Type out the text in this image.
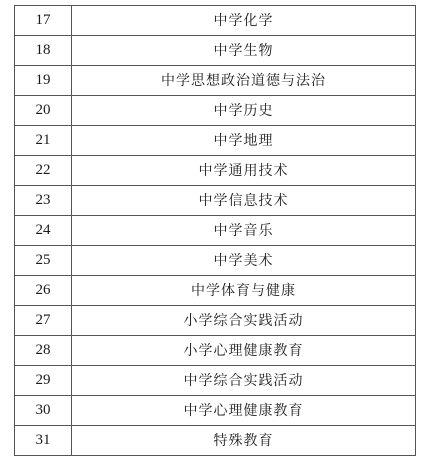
17	中学化学
18	中学生物
19	中学思想政治道德与法治
20	中学历史
21	中学地理
22	中学通用技术
23	中学信息技术
24	中学音乐
25	中学美术
26	中学体育与健康
27	小学综合实践活动
28	小学心理健康教育
29	中学综合实践活动
30	中学心理健康教育
31	特殊教育
